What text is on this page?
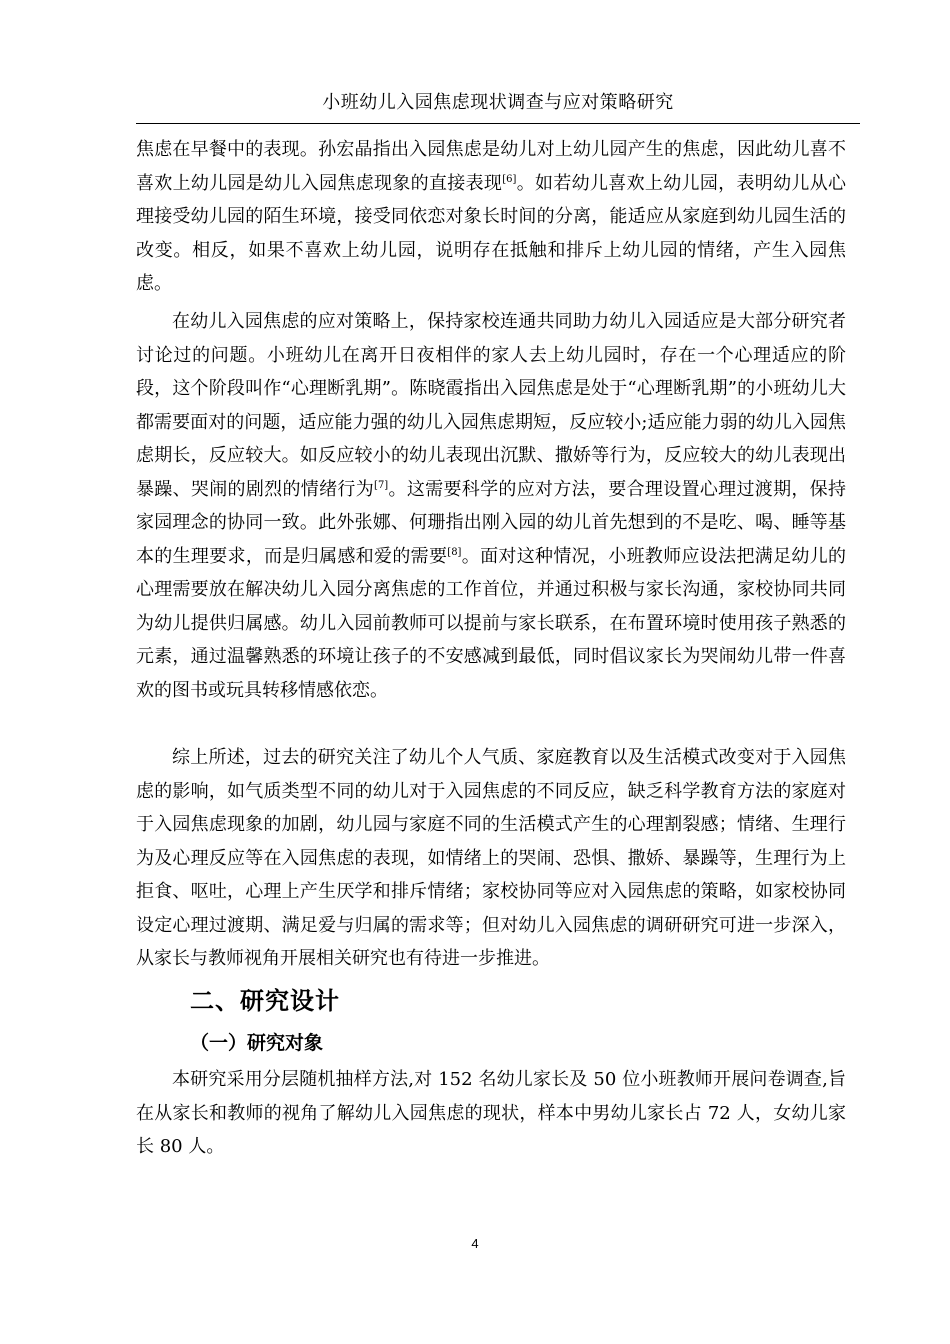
小班幼儿入园焦虑现状调查与应对策略研究

焦虑在早餐中的表现。孙宏晶指出入园焦虑是幼儿对上幼儿园产生的焦虑，因此幼儿喜不喜欢上幼儿园是幼儿入园焦虑现象的直接表现[6]。如若幼儿喜欢上幼儿园，表明幼儿从心理接受幼儿园的陌生环境，接受同依恋对象长时间的分离，能适应从家庭到幼儿园生活的改变。相反，如果不喜欢上幼儿园，说明存在抵触和排斥上幼儿园的情绪，产生入园焦虑。

在幼儿入园焦虑的应对策略上，保持家校连通共同助力幼儿入园适应是大部分研究者讨论过的问题。小班幼儿在离开日夜相伴的家人去上幼儿园时，存在一个心理适应的阶段，这个阶段叫作“心理断乳期”。陈晓霞指出入园焦虑是处于“心理断乳期”的小班幼儿大都需要面对的问题，适应能力强的幼儿入园焦虑期短，反应较小;适应能力弱的幼儿入园焦虑期长，反应较大。如反应较小的幼儿表现出沉默、撒娇等行为，反应较大的幼儿表现出暴躁、哭闹的剧烈的情绪行为[7]。这需要科学的应对方法，要合理设置心理过渡期，保持家园理念的协同一致。此外张娜、何珊指出刚入园的幼儿首先想到的不是吃、喝、睡等基本的生理要求，而是归属感和爱的需要[8]。面对这种情况，小班教师应设法把满足幼儿的心理需要放在解决幼儿入园分离焦虑的工作首位，并通过积极与家长沟通，家校协同共同为幼儿提供归属感。幼儿入园前教师可以提前与家长联系，在布置环境时使用孩子熟悉的元素，通过温馨熟悉的环境让孩子的不安感减到最低，同时倡议家长为哭闹幼儿带一件喜欢的图书或玩具转移情感依恋。

综上所述，过去的研究关注了幼儿个人气质、家庭教育以及生活模式改变对于入园焦虑的影响，如气质类型不同的幼儿对于入园焦虑的不同反应，缺乏科学教育方法的家庭对于入园焦虑现象的加剧，幼儿园与家庭不同的生活模式产生的心理割裂感；情绪、生理行为及心理反应等在入园焦虑的表现，如情绪上的哭闹、恐惧、撒娇、暴躁等，生理行为上拒食、呕吐，心理上产生厌学和排斥情绪；家校协同等应对入园焦虑的策略，如家校协同设定心理过渡期、满足爱与归属的需求等；但对幼儿入园焦虑的调研研究可进一步深入，从家长与教师视角开展相关研究也有待进一步推进。

二、研究设计
（一）研究对象

本研究采用分层随机抽样方法,对 152 名幼儿家长及 50 位小班教师开展问卷调查,旨在从家长和教师的视角了解幼儿入园焦虑的现状，样本中男幼儿家长占 72 人，女幼儿家长 80 人。

4
